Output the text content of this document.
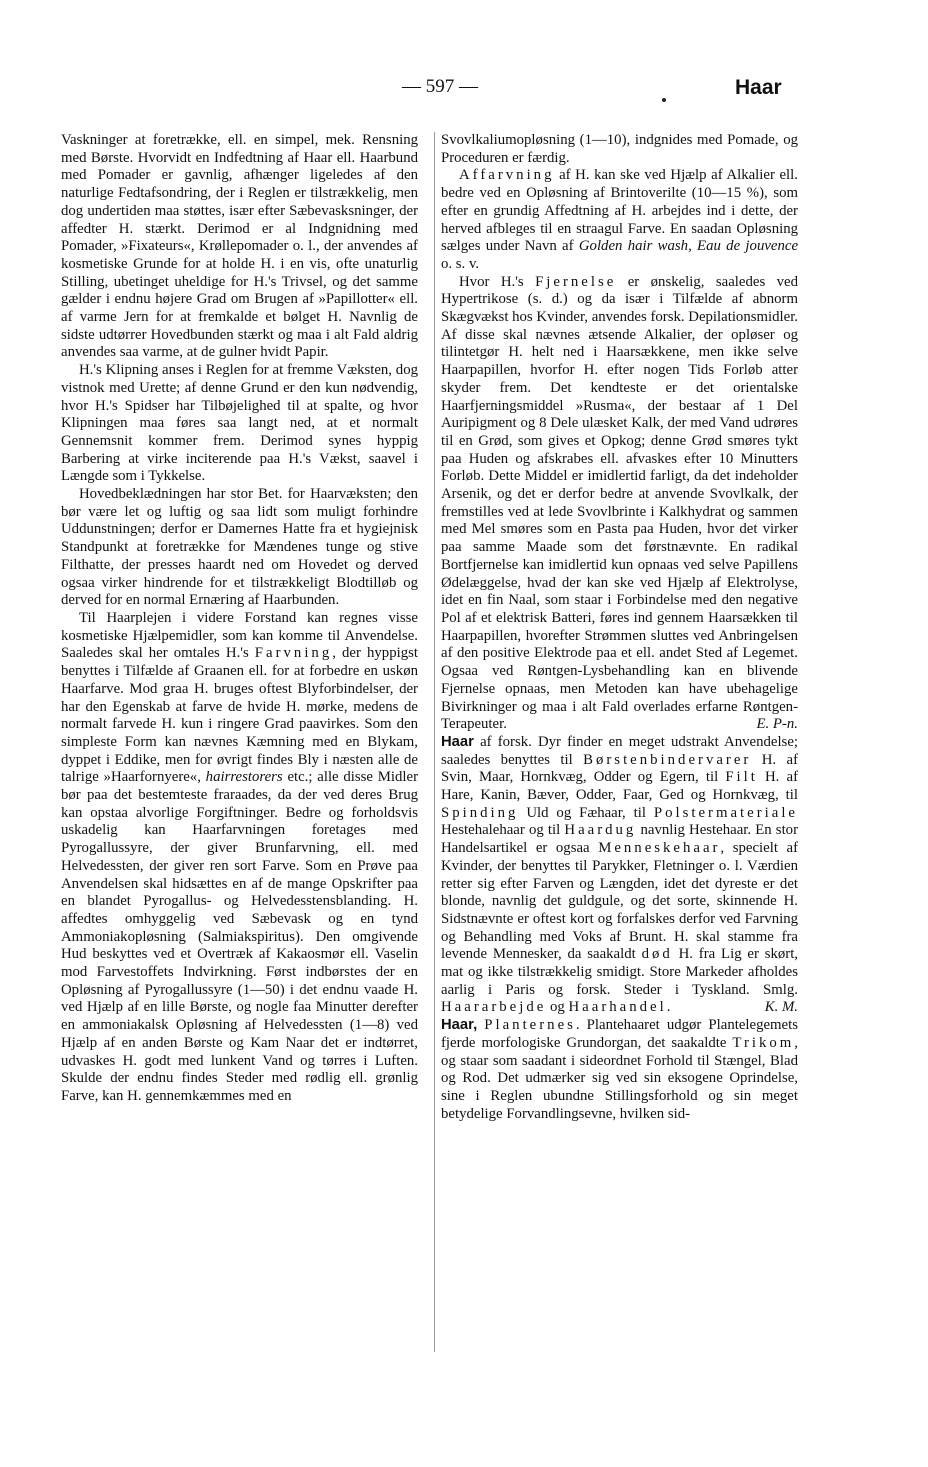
— 597 —	Haar

Vaskninger at foretrække, ell. en simpel, mek. Rensning med Børste. Hvorvidt en Indfedtning af Haar ell. Haarbund med Pomader er gavnlig, afhænger ligeledes af den naturlige Fedtafsondring, der i Reglen er tilstrækkelig, men dog undertiden maa støttes, især efter Sæbevasksninger, der affedter H. stærkt. Derimod er al Indgnidning med Pomader, »Fixateurs«, Krøllepomader o. l., der anvendes af kosmetiske Grunde for at holde H. i en vis, ofte unaturlig Stilling, ubetinget uheldige for H.'s Trivsel, og det samme gælder i endnu højere Grad om Brugen af »Papillotter« ell. af varme Jern for at fremkalde et bølget H. Navnlig de sidste udtørrer Hovedbunden stærkt og maa i alt Fald aldrig anvendes saa varme, at de gulner hvidt Papir.

H.'s Klipning anses i Reglen for at fremme Væksten, dog vistnok med Urette; af denne Grund er den kun nødvendig, hvor H.'s Spidser har Tilbøjelighed til at spalte, og hvor Klipningen maa føres saa langt ned, at et normalt Gennemsnit kommer frem. Derimod synes hyppig Barbering at virke inciterende paa H.'s Vækst, saavel i Længde som i Tykkelse.

Hovedbeklædningen har stor Bet. for Haarvæksten; den bør være let og luftig og saa lidt som muligt forhindre Uddunstningen; derfor er Damernes Hatte fra et hygiejnisk Standpunkt at foretrække for Mændenes tunge og stive Filthatte, der presses haardt ned om Hovedet og derved ogsaa virker hindrende for et tilstrækkeligt Blodtilløb og derved for en normal Ernæring af Haarbunden.

Til Haarplejen i videre Forstand kan regnes visse kosmetiske Hjælpemidler, som kan komme til Anvendelse. Saaledes skal her omtales H.'s Farvning, der hyppigst benyttes i Tilfælde af Graanen ell. for at forbedre en uskøn Haarfarve. Mod graa H. bruges oftest Blyforbindelser, der har den Egenskab at farve de hvide H. mørke, medens de normalt farvede H. kun i ringere Grad paavirkes. Som den simpleste Form kan nævnes Kæmning med en Blykam, dyppet i Eddike, men for øvrigt findes Bly i næsten alle de talrige »Haarfornyere«, hairrestorers etc.; alle disse Midler bør paa det bestemteste fraraades, da der ved deres Brug kan opstaa alvorlige Forgiftninger. Bedre og forholdsvis uskadelig kan Haarfarvningen foretages med Pyrogallussyre, der giver Brunfarvning, ell. med Helvedessten, der giver ren sort Farve. Som en Prøve paa Anvendelsen skal hidsættes en af de mange Opskrifter paa en blandet Pyrogallus- og Helvedesstensblanding. H. affedtes omhyggelig ved Sæbevask og en tynd Ammoniakopløsning (Salmiakspiritus). Den omgivende Hud beskyttes ved et Overtræk af Kakaosmør ell. Vaselin mod Farvestoffets Indvirkning. Først indbørstes der en Opløsning af Pyrogallussyre (1—50) i det endnu vaade H. ved Hjælp af en lille Børste, og nogle faa Minutter derefter en ammoniakalsk Opløsning af Helvedessten (1—8) ved Hjælp af en anden Børste og Kam Naar det er indtørret, udvaskes H. godt med lunkent Vand og tørres i Luften. Skulde der endnu findes Steder med rødlig ell. grønlig Farve, kan H. gennemkæmmes med en

Svovlkaliumopløsning (1—10), indgnides med Pomade, og Proceduren er færdig.

Affarvning af H. kan ske ved Hjælp af Alkalier ell. bedre ved en Opløsning af Brintoverilte (10—15 %), som efter en grundig Affedtning af H. arbejdes ind i dette, der herved afbleges til en straagul Farve. En saadan Opløsning sælges under Navn af Golden hair wash, Eau de jouvence o. s. v.

Hvor H.'s Fjernelse er ønskelig, saaledes ved Hypertrikose (s. d.) og da især i Tilfælde af abnorm Skægvækst hos Kvinder, anvendes forsk. Depilationsmidler. Af disse skal nævnes ætsende Alkalier, der opløser og tilintetgør H. helt ned i Haarsækkene, men ikke selve Haarpapillen, hvorfor H. efter nogen Tids Forløb atter skyder frem. Det kendteste er det orientalske Haarfjerningsmiddel »Rusma«, der bestaar af 1 Del Auripigment og 8 Dele ulæsket Kalk, der med Vand udrøres til en Grød, som gives et Opkog; denne Grød smøres tykt paa Huden og afskrabes ell. afvaskes efter 10 Minutters Forløb. Dette Middel er imidlertid farligt, da det indeholder Arsenik, og det er derfor bedre at anvende Svovlkalk, der fremstilles ved at lede Svovlbrinte i Kalkhydrat og sammen med Mel smøres som en Pasta paa Huden, hvor det virker paa samme Maade som det førstnævnte. En radikal Bortfjernelse kan imidlertid kun opnaas ved selve Papillens Ødelæggelse, hvad der kan ske ved Hjælp af Elektrolyse, idet en fin Naal, som staar i Forbindelse med den negative Pol af et elektrisk Batteri, føres ind gennem Haarsækken til Haarpapillen, hvorefter Strømmen sluttes ved Anbringelsen af den positive Elektrode paa et ell. andet Sted af Legemet. Ogsaa ved Røntgen-Lysbehandling kan en blivende Fjernelse opnaas, men Metoden kan have ubehagelige Bivirkninger og maa i alt Fald overlades erfarne Røntgen-Terapeuter.	E. P-n.

Haar af forsk. Dyr finder en meget udstrakt Anvendelse; saaledes benyttes til Børstenbindervarer H. af Svin, Maar, Hornkvæg, Odder og Egern, til Filt H. af Hare, Kanin, Bæver, Odder, Faar, Ged og Hornkvæg, til Spinding Uld og Fæhaar, til Polstermateriale Hestehalehaar og til Haardug navnlig Hestehaar. En stor Handelsartikel er ogsaa Menneskehaar, specielt af Kvinder, der benyttes til Parykker, Fletninger o. l. Værdien retter sig efter Farven og Længden, idet det dyreste er det blonde, navnlig det guldgule, og det sorte, skinnende H. Sidstnævnte er oftest kort og forfalskes derfor ved Farvning og Behandling med Voks af Brunt. H. skal stamme fra levende Mennesker, da saakaldt død H. fra Lig er skørt, mat og ikke tilstrækkelig smidigt. Store Markeder afholdes aarlig i Paris og forsk. Steder i Tyskland. Smlg. Haararbejde og Haarhandel.	K. M.

Haar, Planternes. Plantehaaret udgør Plantelegemets fjerde morfologiske Grundorgan, det saakaldte Trikom, og staar som saadant i sideordnet Forhold til Stængel, Blad og Rod. Det udmærker sig ved sin eksogene Oprindelse, sine i Reglen ubundne Stillingsforhold og sin meget betydelige Forvandlingsevne, hvilken sid-
